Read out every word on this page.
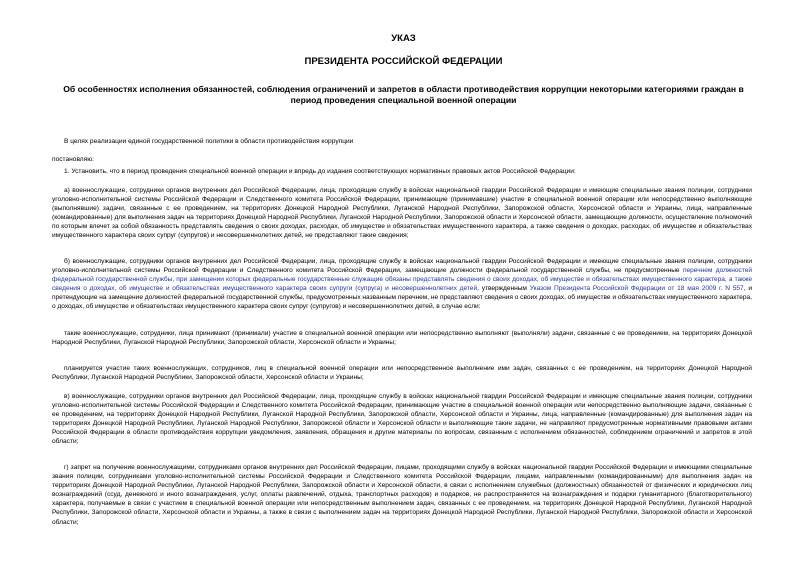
УКАЗ
ПРЕЗИДЕНТА РОССИЙСКОЙ ФЕДЕРАЦИИ
Об особенностях исполнения обязанностей, соблюдения ограничений и запретов в области противодействия коррупции некоторыми категориями граждан в период проведения специальной военной операции

В целях реализации единой государственной политики в области противодействия коррупции

постановляю:

1. Установить, что в период проведения специальной военной операции и впредь до издания соответствующих нормативных правовых актов Российской Федерации:

а) военнослужащие, сотрудники органов внутренних дел Российской Федерации, лица, проходящие службу в войсках национальной гвардии Российской Федерации и имеющие специальные звания полиции, сотрудники уголовно-исполнительной системы Российской Федерации и Следственного комитета Российской Федерации, принимающие (принимавшие) участие в специальной военной операции или непосредственно выполняющие (выполнявшие) задачи, связанные с ее проведением, на территориях Донецкой Народной Республики, Луганской Народной Республики, Запорожской области, Херсонской области и Украины, лица, направленные (командированные) для выполнения задач на территориях Донецкой Народной Республики, Луганской Народной Республики, Запорожской области и Херсонской области, замещающие должности, осуществление полномочий по которым влечет за собой обязанность представлять сведения о своих доходах, расходах, об имуществе и обязательствах имущественного характера, а также сведения о доходах, расходах, об имуществе и обязательствах имущественного характера своих супруг (супругов) и несовершеннолетних детей, не представляют такие сведения;

б) военнослужащие, сотрудники органов внутренних дел Российской Федерации, лица, проходящие службу в войсках национальной гвардии Российской Федерации и имеющие специальные звания полиции, сотрудники уголовно-исполнительной системы Российской Федерации и Следственного комитета Российской Федерации, замещающие должности федеральной государственной службы, не предусмотренные перечнем должностей федеральной государственной службы, при замещении которых федеральные государственные служащие обязаны представлять сведения о своих доходах, об имуществе и обязательствах имущественного характера, а также сведения о доходах, об имуществе и обязательствах имущественного характера своих супруги (супруга) и несовершеннолетних детей, утвержденным Указом Президента Российской Федерации от 18 мая 2009 г. N 557, и претендующие на замещение должностей федеральной государственной службы, предусмотренных названным перечнем, не представляют сведения о своих доходах, об имуществе и обязательствах имущественного характера, о доходах, об имуществе и обязательствах имущественного характера своих супруг (супругов) и несовершеннолетних детей, в случае если:

такие военнослужащие, сотрудники, лица принимают (принимали) участие в специальной военной операции или непосредственно выполняют (выполняли) задачи, связанные с ее проведением, на территориях Донецкой Народной Республики, Луганской Народной Республики, Запорожской области, Херсонской области и Украины;

планируется участие таких военнослужащих, сотрудников, лиц в специальной военной операции или непосредственное выполнение ими задач, связанных с ее проведением, на территориях Донецкой Народной Республики, Луганской Народной Республики, Запорожской области, Херсонской области и Украины;

в) военнослужащие, сотрудники органов внутренних дел Российской Федерации, лица, проходящие службу в войсках национальной гвардии Российской Федерации и имеющие специальные звания полиции, сотрудники уголовно-исполнительной системы Российской Федерации и Следственного комитета Российской Федерации, принимающие участие в специальной военной операции или непосредственно выполняющие задачи, связанные с ее проведением, на территориях Донецкой Народной Республики, Луганской Народной Республики, Запорожской области, Херсонской области и Украины, лица, направленные (командированные) для выполнения задач на территориях Донецкой Народной Республики, Луганской Народной Республики, Запорожской области и Херсонской области и выполняющие такие задачи, не направляют предусмотренные нормативными правовыми актами Российской Федерации в области противодействия коррупции уведомления, заявления, обращения и другие материалы по вопросам, связанным с исполнением обязанностей, соблюдением ограничений и запретов в этой области;

г) запрет на получение военнослужащими, сотрудниками органов внутренних дел Российской Федерации, лицами, проходящими службу в войсках национальной гвардии Российской Федерации и имеющими специальные звания полиции, сотрудниками уголовно-исполнительной системы Российской Федерации и Следственного комитета Российской Федерации, лицами, направленными (командированными) для выполнения задач на территориях Донецкой Народной Республики, Луганской Народной Республики, Запорожской области и Херсонской области, в связи с исполнением служебных (должностных) обязанностей от физических и юридических лиц вознаграждений (ссуд, денежного и иного вознаграждения, услуг, оплаты развлечений, отдыха, транспортных расходов) и подарков, не распространяется на вознаграждения и подарки гуманитарного (благотворительного) характера, получаемые в связи с участием в специальной военной операции или непосредственным выполнением задач, связанных с ее проведением, на территориях Донецкой Народной Республики, Луганской Народной Республики, Запорожской области, Херсонской области и Украины, а также в связи с выполнением задач на территориях Донецкой Народной Республики, Луганской Народной Республики, Запорожской области и Херсонской области;
